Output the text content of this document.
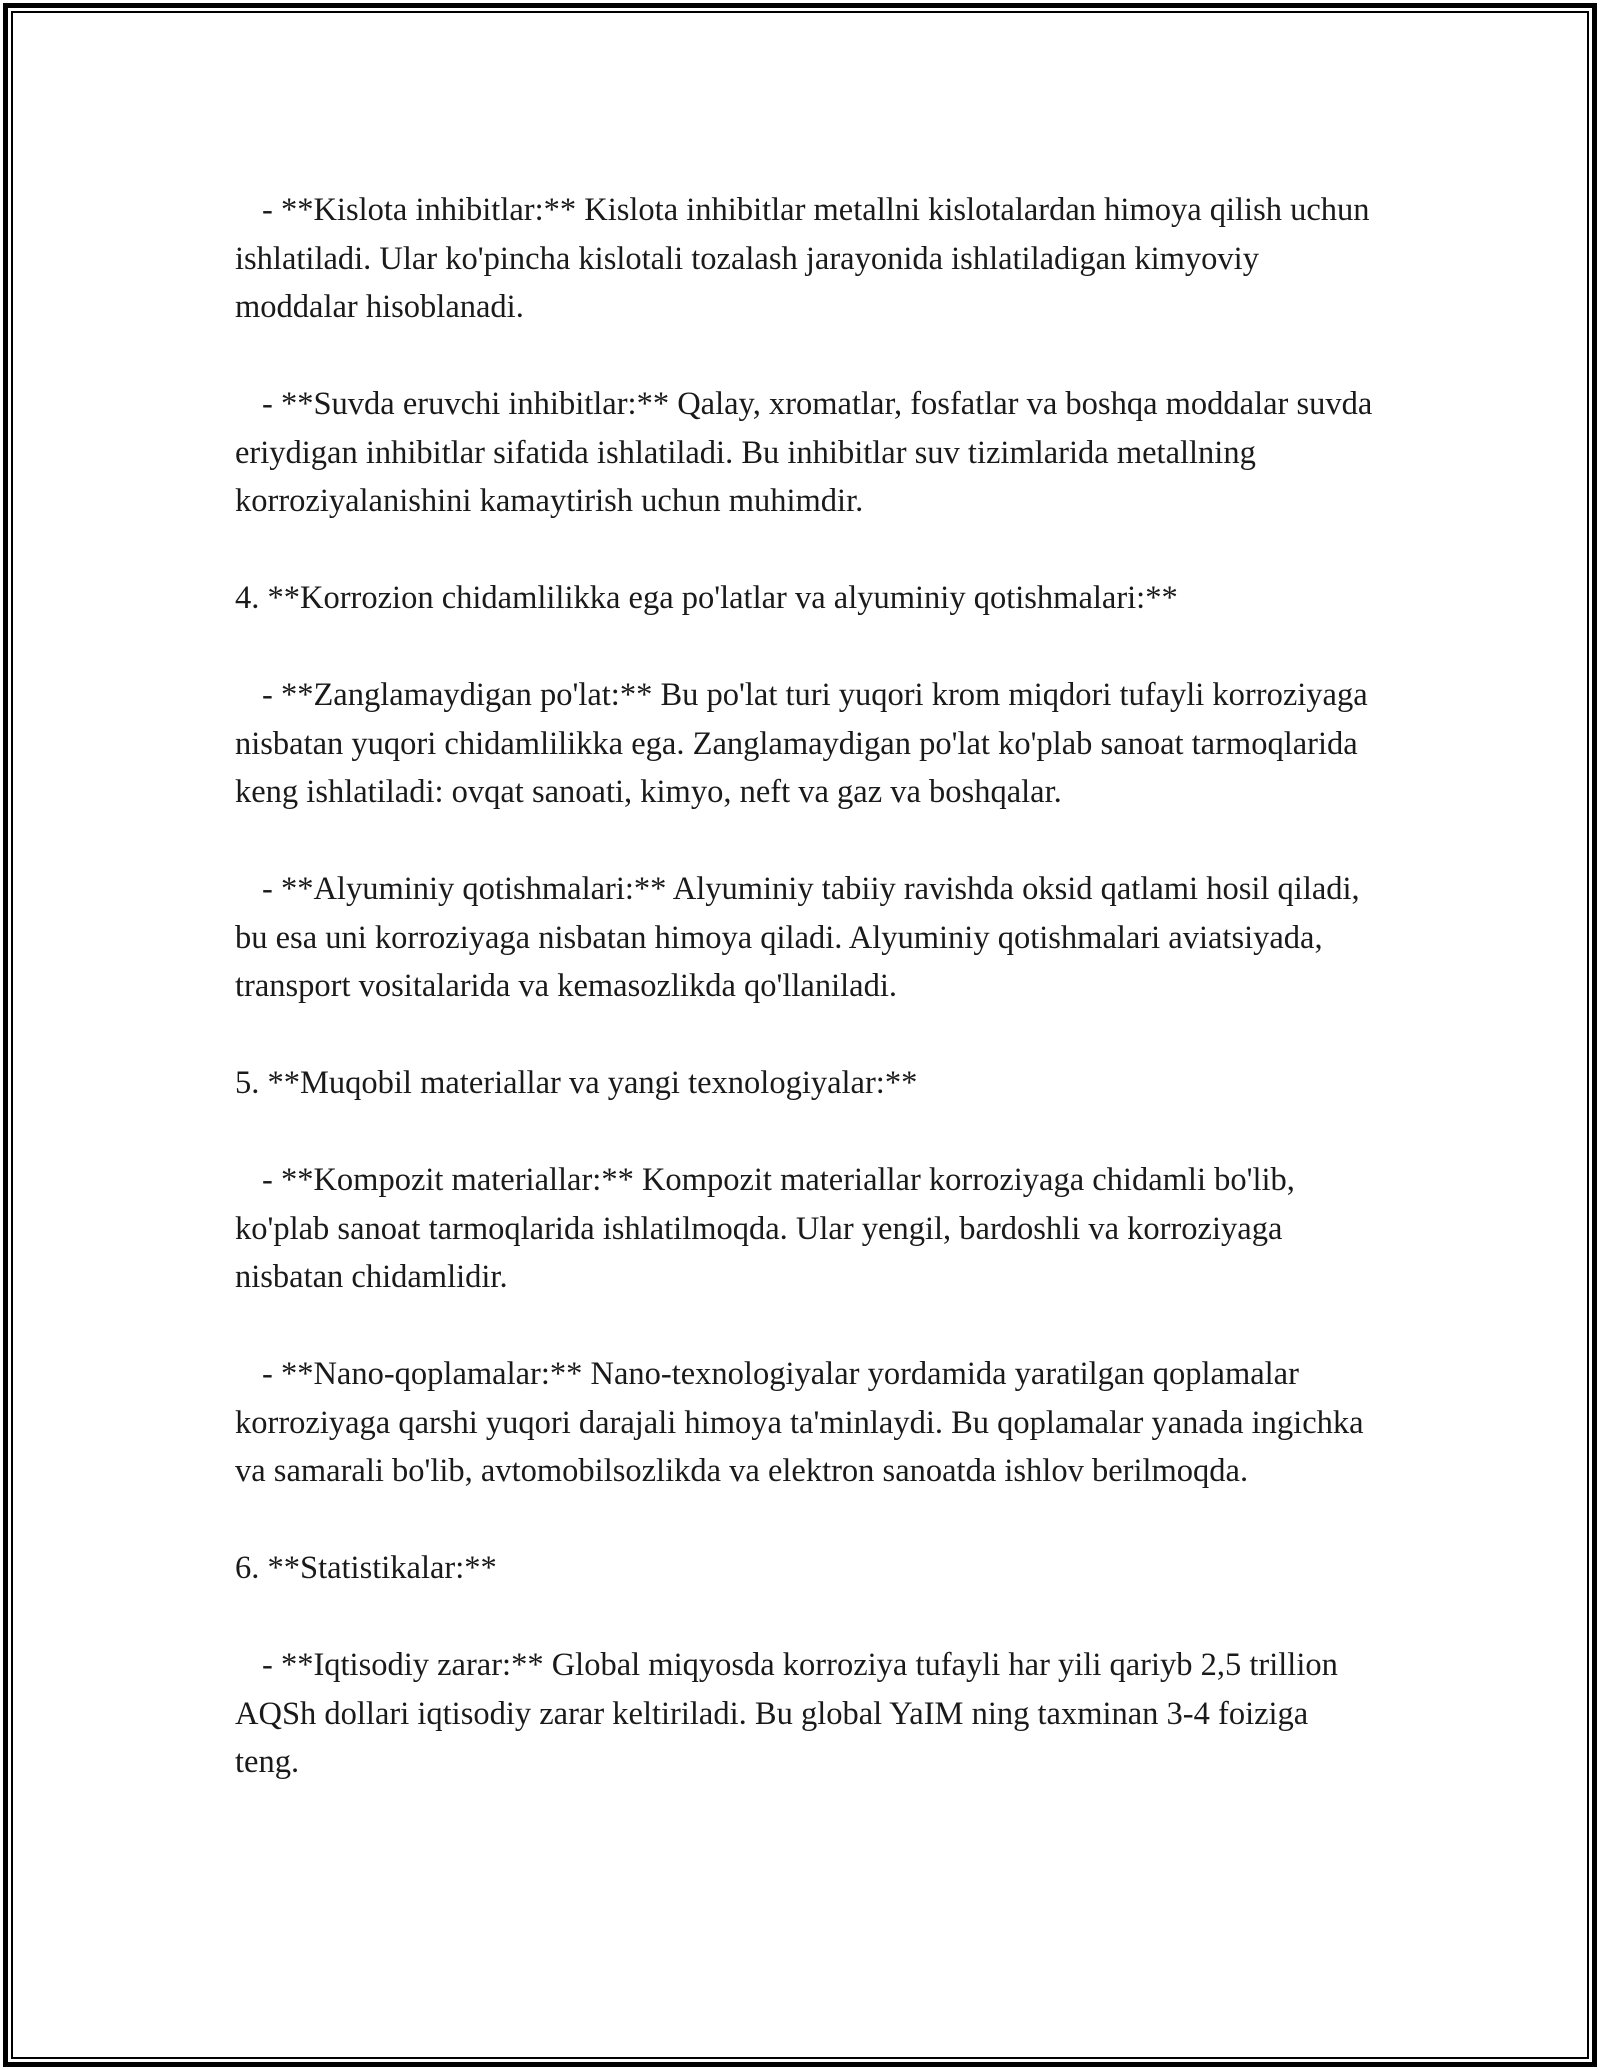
- **Kislota inhibitlar:** Kislota inhibitlar metallni kislotalardan himoya qilish uchun ishlatiladi. Ular ko'pincha kislotali tozalash jarayonida ishlatiladigan kimyoviy moddalar hisoblanadi.

- **Suvda eruvchi inhibitlar:** Qalay, xromatlar, fosfatlar va boshqa moddalar suvda eriydigan inhibitlar sifatida ishlatiladi. Bu inhibitlar suv tizimlarida metallning korroziyalanishini kamaytirish uchun muhimdir.

4. **Korrozion chidamlilikka ega po'latlar va alyuminiy qotishmalari:**

- **Zanglamaydigan po'lat:** Bu po'lat turi yuqori krom miqdori tufayli korroziyaga nisbatan yuqori chidamlilikka ega. Zanglamaydigan po'lat ko'plab sanoat tarmoqlarida keng ishlatiladi: ovqat sanoati, kimyo, neft va gaz va boshqalar.

- **Alyuminiy qotishmalari:** Alyuminiy tabiiy ravishda oksid qatlami hosil qiladi, bu esa uni korroziyaga nisbatan himoya qiladi. Alyuminiy qotishmalari aviatsiyada, transport vositalarida va kemasozlikda qo'llaniladi.

5. **Muqobil materiallar va yangi texnologiyalar:**

- **Kompozit materiallar:** Kompozit materiallar korroziyaga chidamli bo'lib, ko'plab sanoat tarmoqlarida ishlatilmoqda. Ular yengil, bardoshli va korroziyaga nisbatan chidamlidir.

- **Nano-qoplamalar:** Nano-texnologiyalar yordamida yaratilgan qoplamalar korroziyaga qarshi yuqori darajali himoya ta'minlaydi. Bu qoplamalar yanada ingichka va samarali bo'lib, avtomobilsozlikda va elektron sanoatda ishlov berilmoqda.

6. **Statistikalar:**

- **Iqtisodiy zarar:** Global miqyosda korroziya tufayli har yili qariyb 2,5 trillion AQSh dollari iqtisodiy zarar keltiriladi. Bu global YaIM ning taxminan 3-4 foiziga teng.
